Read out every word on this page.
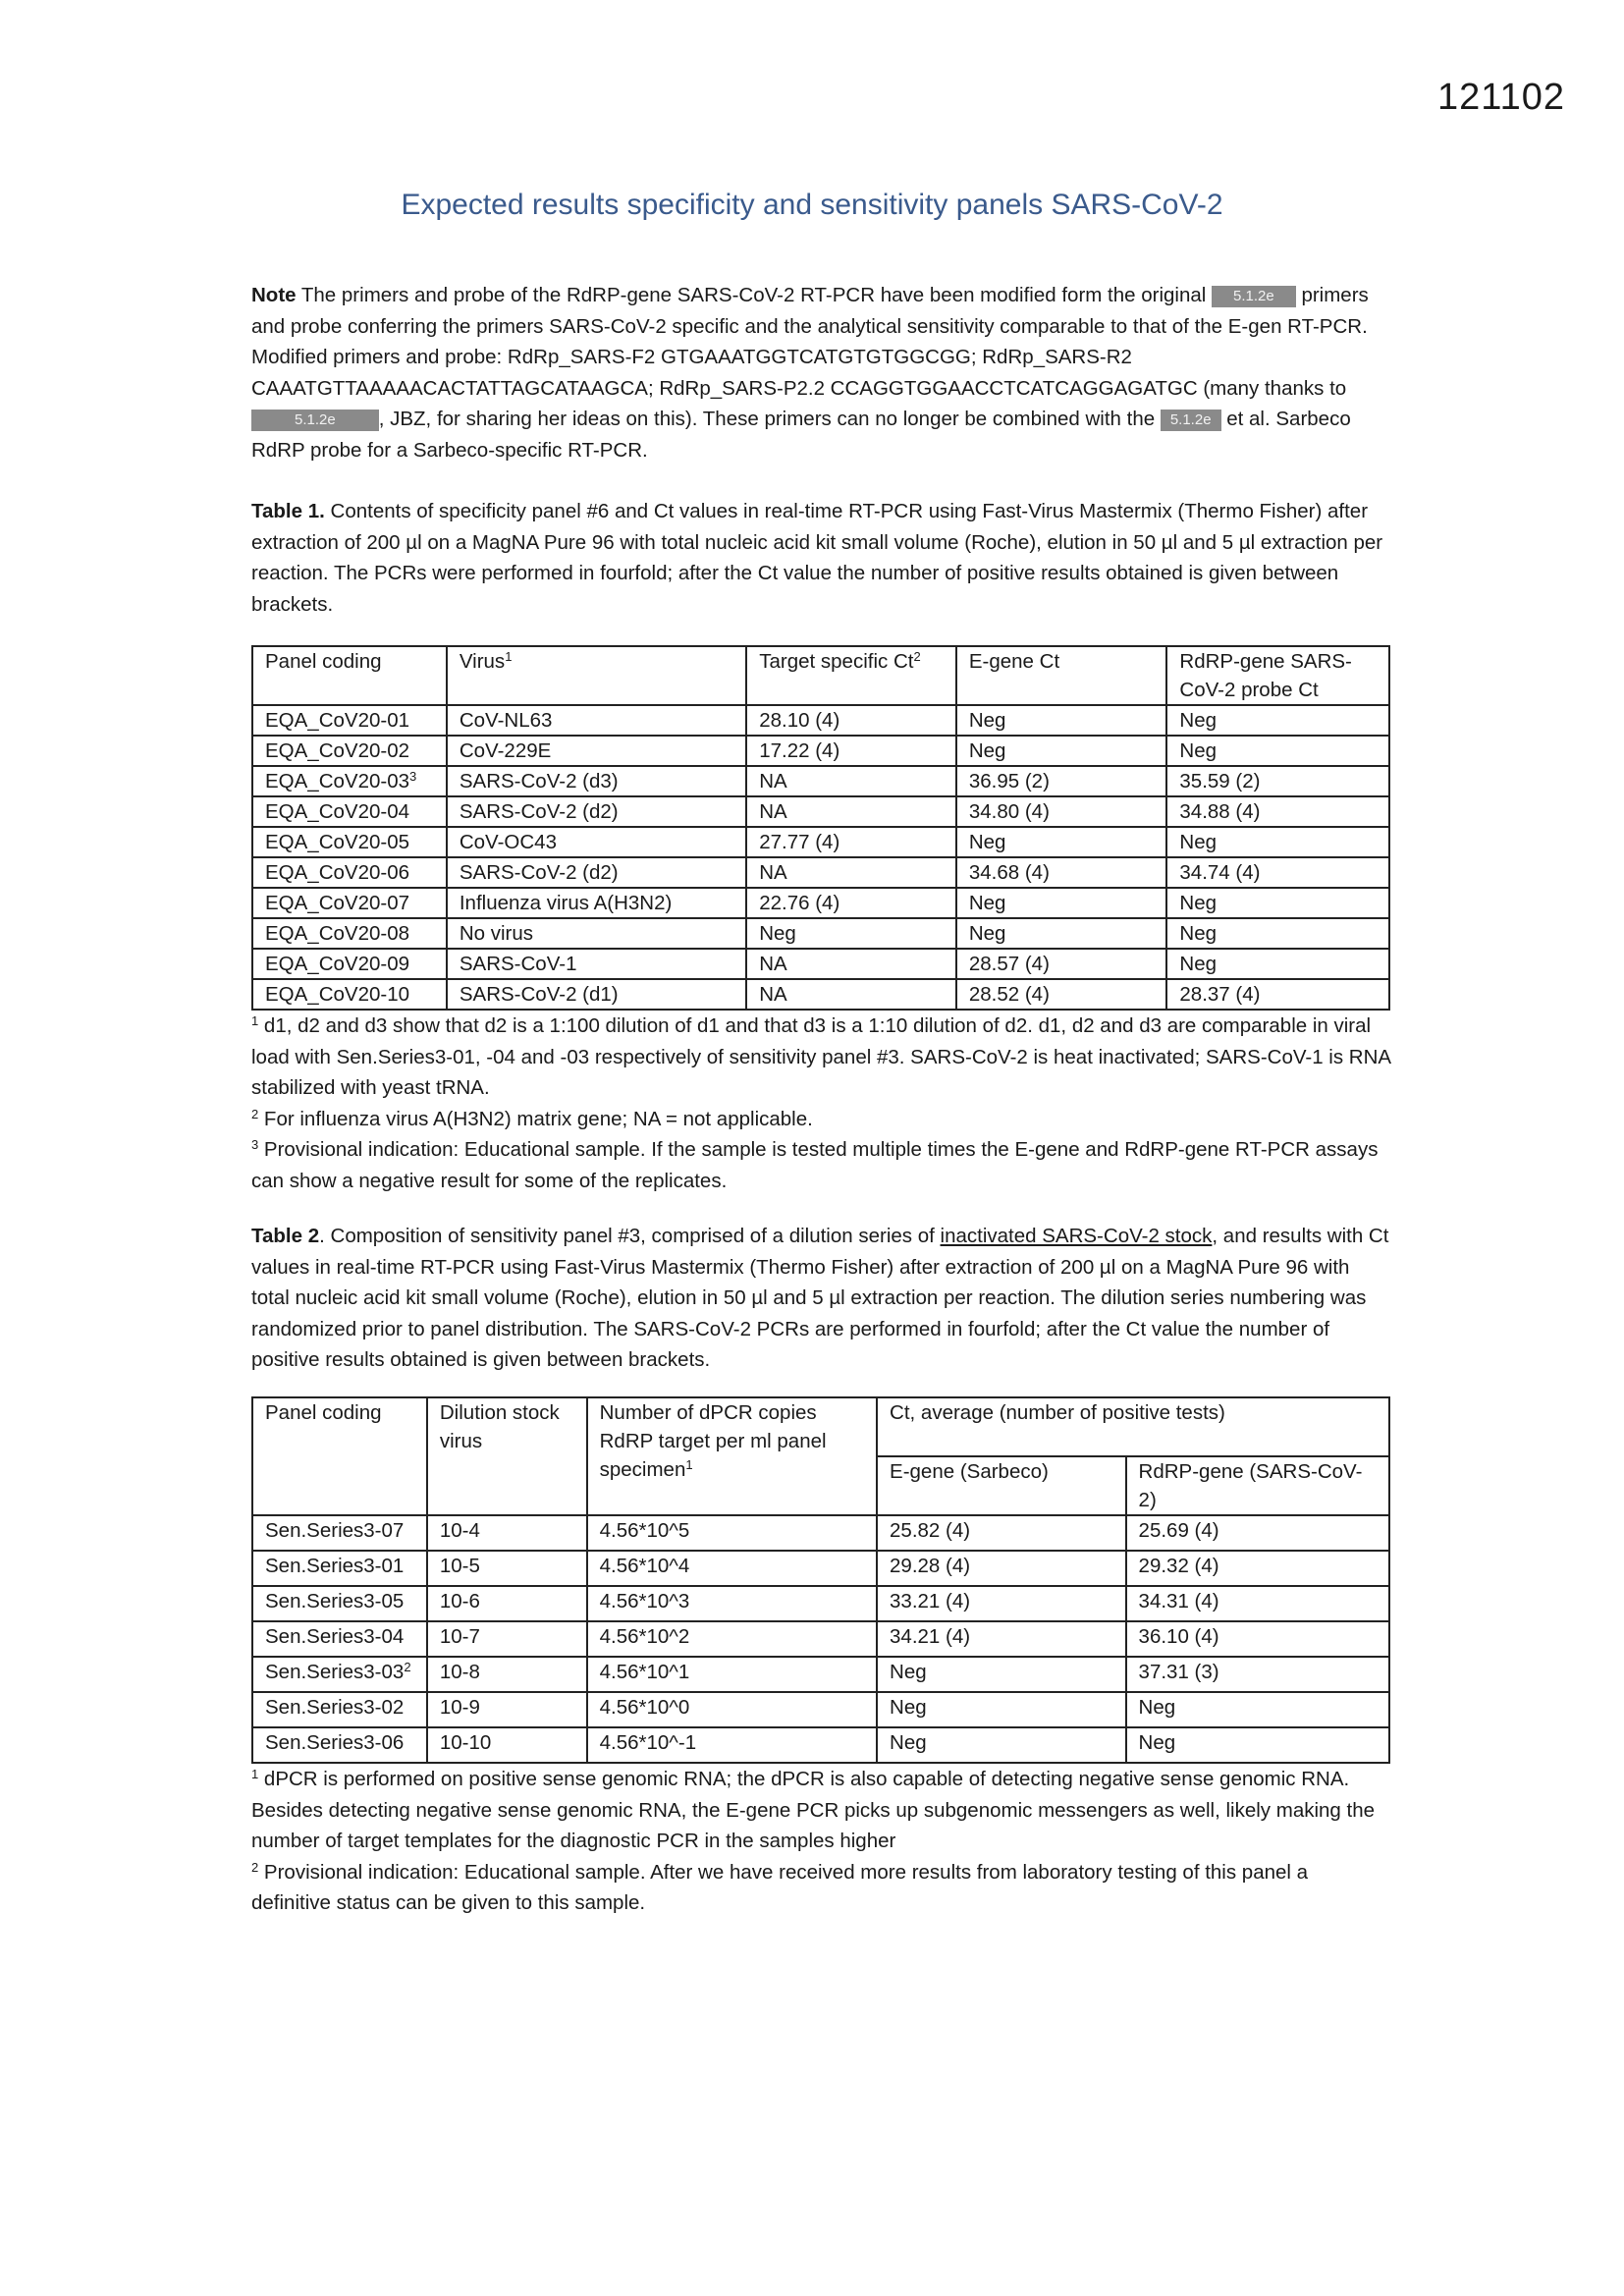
121102
Expected results specificity and sensitivity panels SARS-CoV-2

Note The primers and probe of the RdRP-gene SARS-CoV-2 RT-PCR have been modified form the original 5.1.2e primers and probe conferring the primers SARS-CoV-2 specific and the analytical sensitivity comparable to that of the E-gen RT-PCR. Modified primers and probe: RdRp_SARS-F2 GTGAAATGGTCATGTGTGGCGG; RdRp_SARS-R2 CAAATGTTAAAAACACTATTAGCATAAGCA; RdRp_SARS-P2.2 CCAGGTGGAACCTCATCAGGAGATGC (many thanks to 5.1.2e , JBZ, for sharing her ideas on this). These primers can no longer be combined with the 5.1.2e et al. Sarbeco RdRP probe for a Sarbeco-specific RT-PCR.

Table 1. Contents of specificity panel #6 and Ct values in real-time RT-PCR using Fast-Virus Mastermix (Thermo Fisher) after extraction of 200 µl on a MagNA Pure 96 with total nucleic acid kit small volume (Roche), elution in 50 µl and 5 µl extraction per reaction. The PCRs were performed in fourfold; after the Ct value the number of positive results obtained is given between brackets.

Panel coding	Virus$^1$	Target specific Ct$^2$	E-gene Ct	RdRP-gene SARS-CoV-2 probe Ct
EQA_CoV20-01	CoV-NL63	28.10 (4)	Neg	Neg
EQA_CoV20-02	CoV-229E	17.22 (4)	Neg	Neg
$EQA\_CoV20-03^3$	SARS-CoV-2 (d3)	NA	36.95 (2)	35.59 (2)
EQA_CoV20-04	SARS-CoV-2 (d2)	NA	34.80 (4)	34.88 (4)
EQA_CoV20-05	CoV-OC43	27.77 (4)	Neg	Neg
EQA_CoV20-06	SARS-CoV-2 (d2)	NA	34.68 (4)	34.74 (4)
EQA_CoV20-07	Influenza virus A(H3N2)	22.76 (4)	Neg	Neg
EQA_CoV20-08	No virus	Neg	Neg	Neg
EQA_CoV20-09	SARS-CoV-1	NA	28.57 (4)	Neg
EQA_CoV20-10	SARS-CoV-2 (d1)	NA	28.52 (4)	28.37 (4)

$^1$ d1, d2 and d3 show that d2 is a 1:100 dilution of d1 and that d3 is a 1:10 dilution of d2. d1, d2 and d3 are comparable in viral load with Sen.Series3-01, -04 and -03 respectively of sensitivity panel #3. SARS-CoV-2 is heat inactivated; SARS-CoV-1 is RNA stabilized with yeast tRNA.

$^2$ For influenza virus A(H3N2) matrix gene; NA = not applicable.

$^3$ Provisional indication: Educational sample. If the sample is tested multiple times the E-gene and RdRP-gene RT-PCR assays can show a negative result for some of the replicates.

Table 2. Composition of sensitivity panel #3, comprised of a dilution series of inactivated SARS-CoV-2 stock, and results with Ct values in real-time RT-PCR using Fast-Virus Mastermix (Thermo Fisher) after extraction of 200 µl on a MagNA Pure 96 with total nucleic acid kit small volume (Roche), elution in 50 µl and 5 µl extraction per reaction. The dilution series numbering was randomized prior to panel distribution. The SARS-CoV-2 PCRs are performed in fourfold; after the Ct value the number of positive results obtained is given between brackets.

Panel coding	Dilution stock virus	Number of dPCR copies RdRP target per ml panel specimen$^1$	Ct, average (number of positive tests)	
			E-gene (Sarbeco)	RdRP-gene (SARS-CoV-2)
Sen.Series3-07	10-4	4.56*10^5	25.82 (4)	25.69 (4)
Sen.Series3-01	10-5	4.56*10^4	29.28 (4)	29.32 (4)
Sen.Series3-05	10-6	4.56*10^3	33.21 (4)	34.31 (4)
Sen.Series3-04	10-7	4.56*10^2	34.21 (4)	36.10 (4)
$Sen.Series3-03^2$	10-8	4.56*10^1	Neg	37.31 (3)
Sen.Series3-02	10-9	4.56*10^0	Neg	Neg
Sen.Series3-06	10-10	4.56*10^-1	Neg	Neg

$^1$ dPCR is performed on positive sense genomic RNA; the dPCR is also capable of detecting negative sense genomic RNA. Besides detecting negative sense genomic RNA, the E-gene PCR picks up subgenomic messengers as well, likely making the number of target templates for the diagnostic PCR in the samples higher

$^2$ Provisional indication: Educational sample. After we have received more results from laboratory testing of this panel a definitive status can be given to this sample.
